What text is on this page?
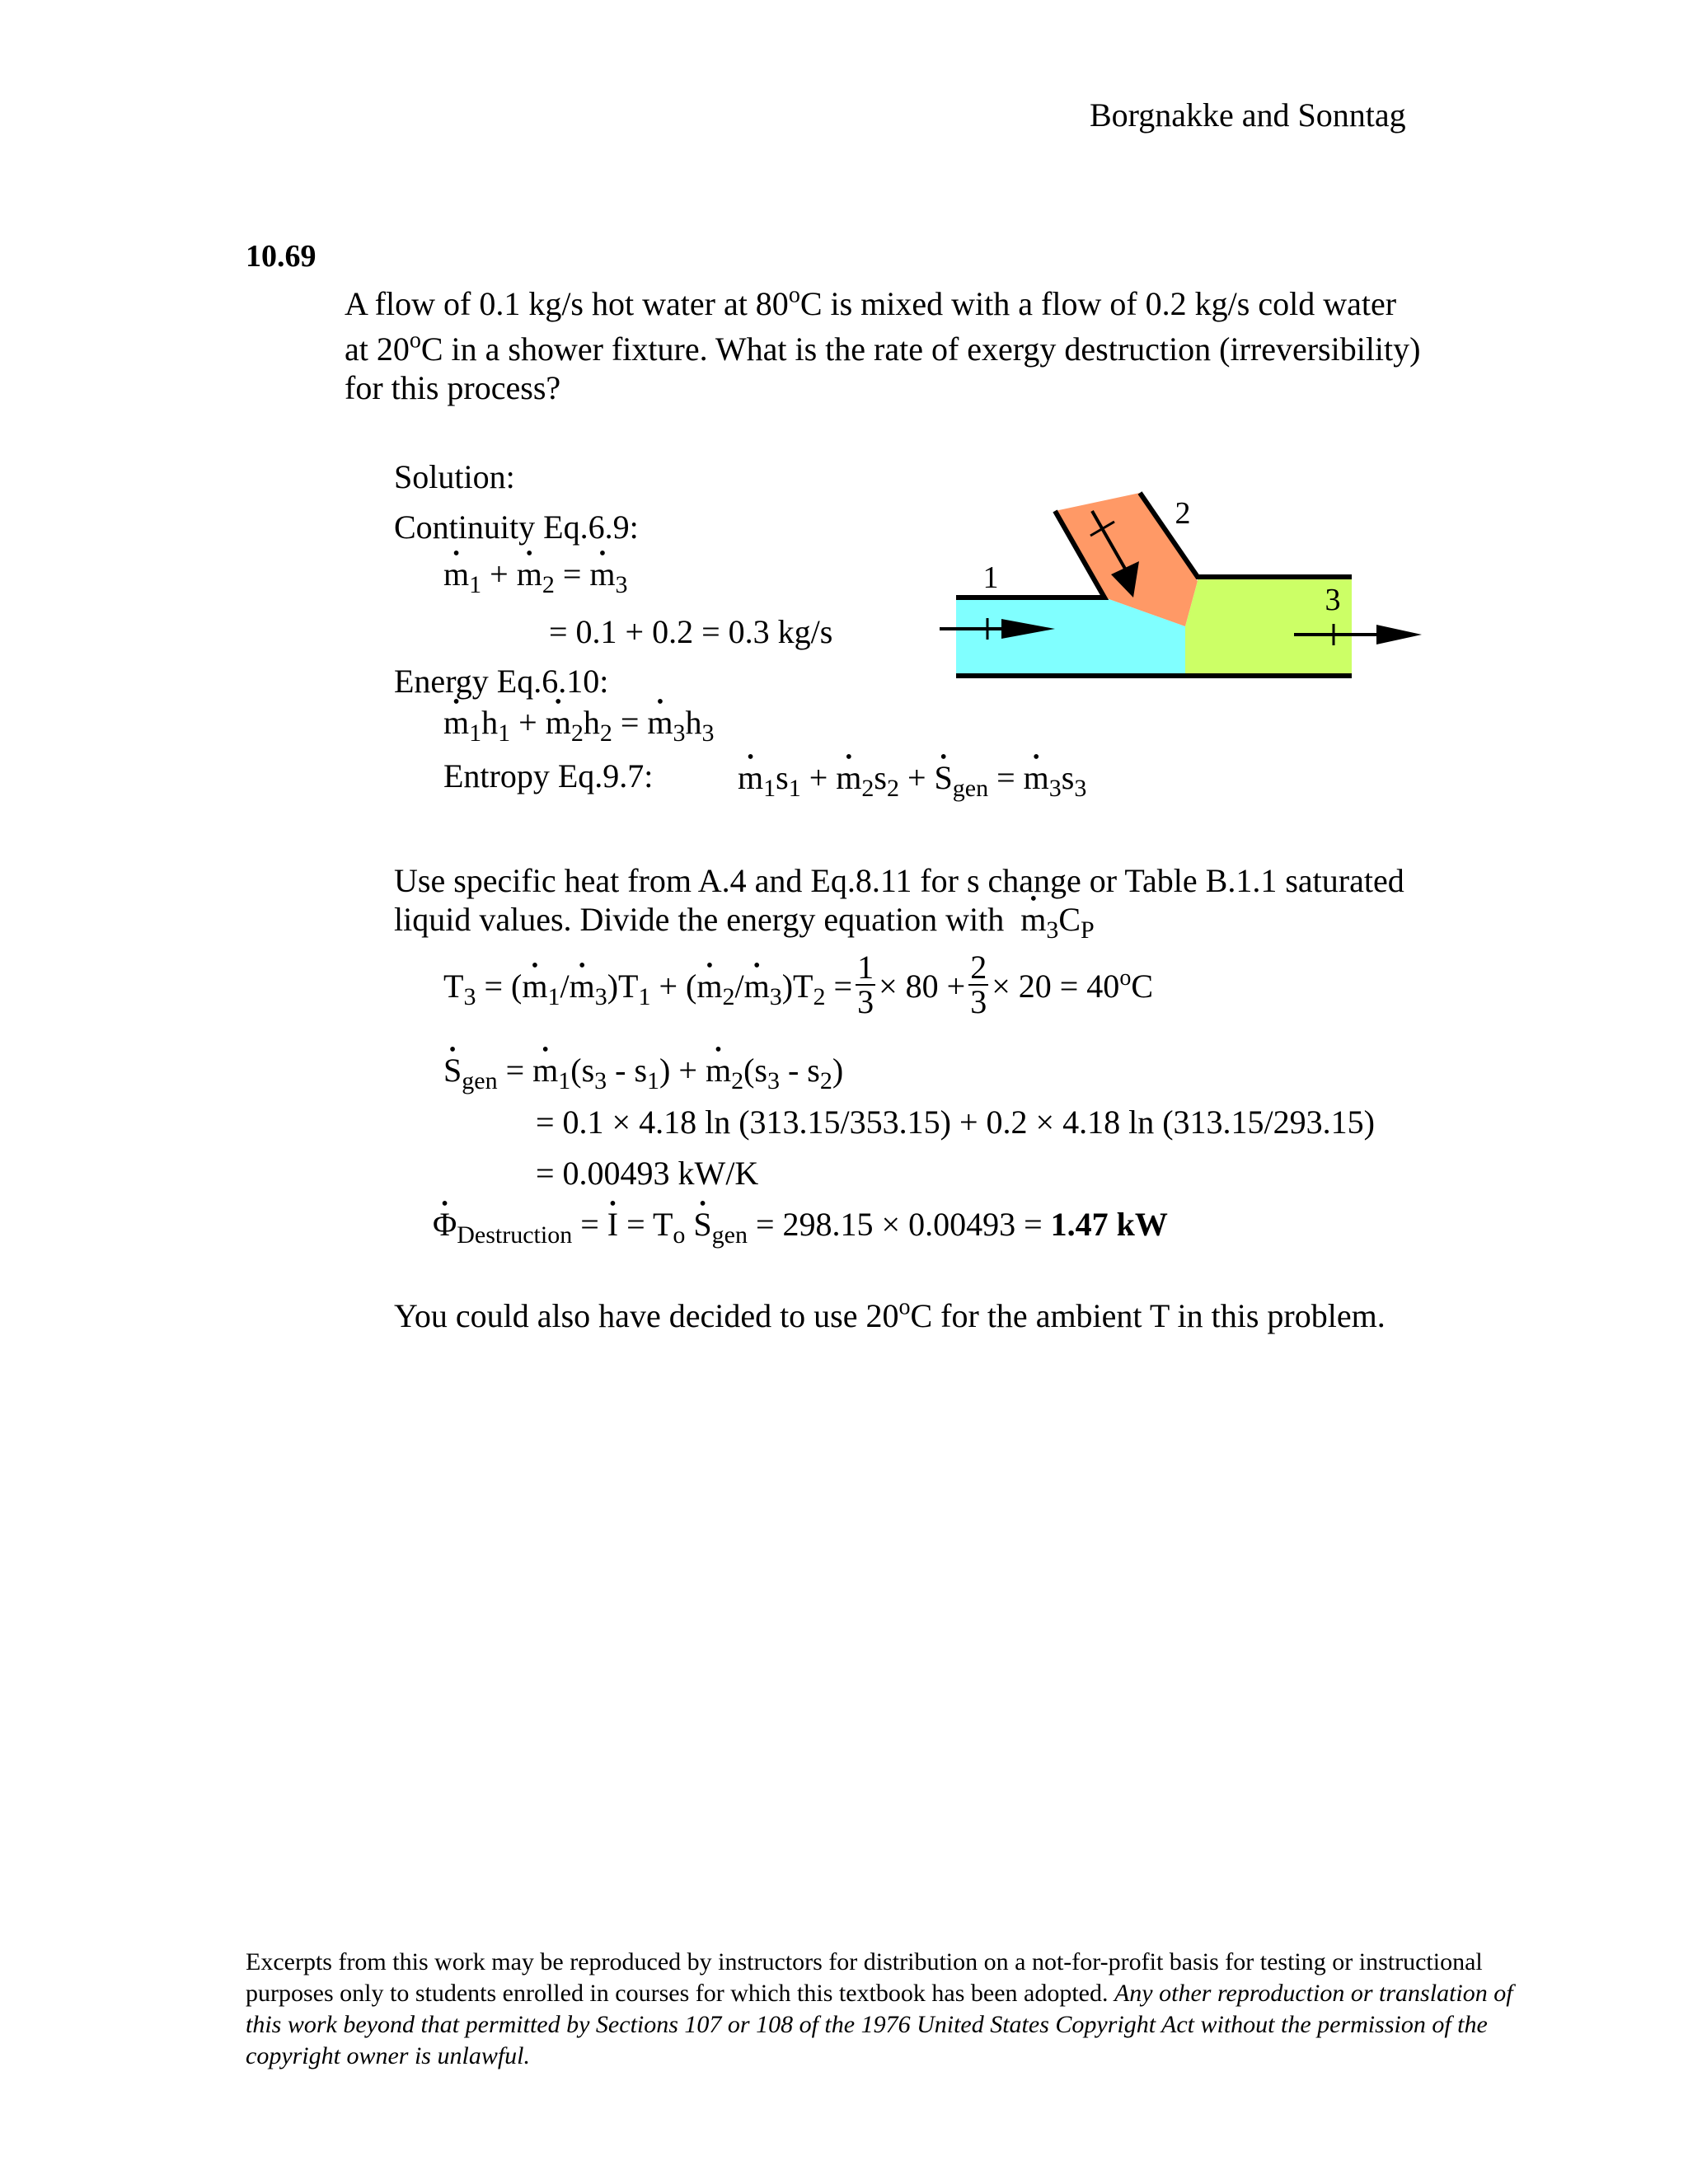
Borgnakke and Sonntag
10.69
A flow of 0.1 kg/s hot water at 80$^o$C is mixed with a flow of 0.2 kg/s cold water
at 20$^o$C in a shower fixture. What is the rate of exergy destruction (irreversibility)
for this process?
Solution:
Continuity Eq.6.9:
• $m_1$ + • $m_2$ = • $m_3$
= 0.1 + 0.2 = 0.3 kg/s
Energy Eq.6.10:
• $m_1h_1$ + • $m_2h_2$ = • $m_3h_3$
Entropy Eq.9.7:	• $m_1s_1$ + • $m_2s_2$ + • $S_{gen}$ = • $m_3s_3$
1
2
3
Use specific heat from A.4 and Eq.8.11 for s change or Table B.1.1 saturated
liquid values. Divide the energy equation with • $m_3C_P$
$T_3$ = (• $m_1/•$ $m_3)T_1$ + (• $m_2/•$ $m_3)T_2 = \frac{1}{3} \times 80 + \frac{2}{3} \times 20 = 40^oC$
• $S_{gen}$ = • $m_1(s_3 - s_1)$ + • $m_2(s_3 - s_2)$
= 0.1 × 4.18 ln (313.15/353.15) + 0.2 × 4.18 ln (313.15/293.15)
= 0.00493 kW/K
• $\Phi_{Destruction}$ = • $I = T_o$ • $S_{gen} = 298.15 \times 0.00493 = 1.47$ kW
You could also have decided to use 20$^o$C for the ambient T in this problem.
Excerpts from this work may be reproduced by instructors for distribution on a not-for-profit basis for testing or instructional purposes only to students enrolled in courses for which this textbook has been adopted. Any other reproduction or translation of this work beyond that permitted by Sections 107 or 108 of the 1976 United States Copyright Act without the permission of the copyright owner is unlawful.
